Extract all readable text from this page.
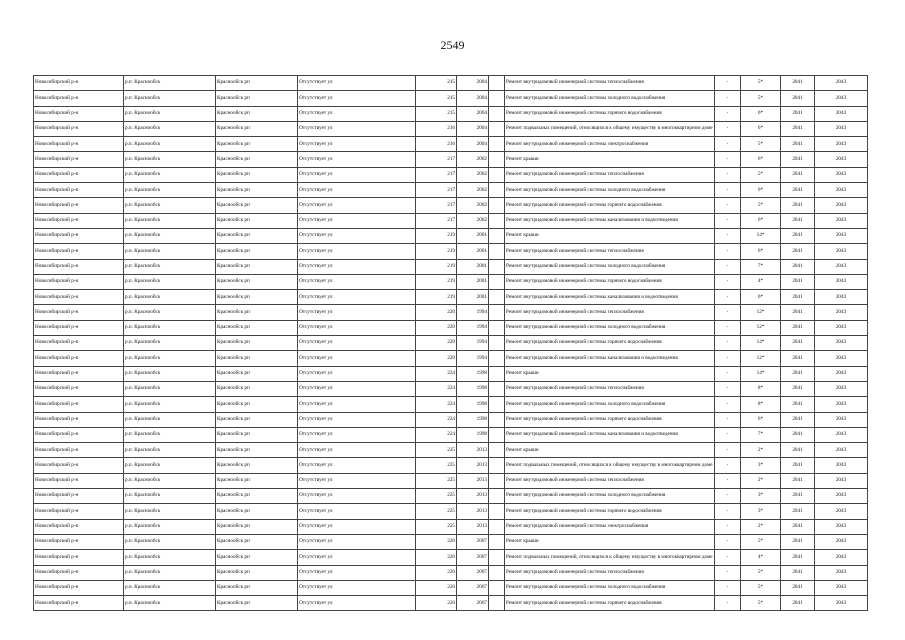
2549
Новосибирский р-н	р.п. Краснообск	Краснообск рп	Отсутствует ул	215	2004		Ремонт внутридомовой инженерной системы теплоснабжения	-	5*	2041	2043
Новосибирский р-н	р.п. Краснообск	Краснообск рп	Отсутствует ул	215	2004		Ремонт внутридомовой инженерной системы холодного водоснабжения	-	5*	2041	2043
Новосибирский р-н	р.п. Краснообск	Краснообск рп	Отсутствует ул	215	2004		Ремонт внутридомовой инженерной системы горячего водоснабжения	-	6*	2041	2043
Новосибирский р-н	р.п. Краснообск	Краснообск рп	Отсутствует ул	216	2004		Ремонт подвальных помещений, относящихся к общему имуществу в многоквартирном доме	-	6*	2041	2043
Новосибирский р-н	р.п. Краснообск	Краснообск рп	Отсутствует ул	216	2004		Ремонт внутридомовой инженерной системы электроснабжения	-	5*	2041	2043
Новосибирский р-н	р.п. Краснообск	Краснообск рп	Отсутствует ул	217	2002		Ремонт крыши	-	6*	2041	2043
Новосибирский р-н	р.п. Краснообск	Краснообск рп	Отсутствует ул	217	2002		Ремонт внутридомовой инженерной системы теплоснабжения	-	5*	2041	2043
Новосибирский р-н	р.п. Краснообск	Краснообск рп	Отсутствует ул	217	2002		Ремонт внутридомовой инженерной системы холодного водоснабжения	-	6*	2041	2043
Новосибирский р-н	р.п. Краснообск	Краснообск рп	Отсутствует ул	217	2002		Ремонт внутридомовой инженерной системы горячего водоснабжения	-	5*	2041	2043
Новосибирский р-н	р.п. Краснообск	Краснообск рп	Отсутствует ул	217	2002		Ремонт внутридомовой инженерной системы канализования и водоотведения	-	6*	2041	2043
Новосибирский р-н	р.п. Краснообск	Краснообск рп	Отсутствует ул	219	2001		Ремонт крыши	-	14*	2041	2043
Новосибирский р-н	р.п. Краснообск	Краснообск рп	Отсутствует ул	219	2001		Ремонт внутридомовой инженерной системы теплоснабжения	-	6*	2041	2043
Новосибирский р-н	р.п. Краснообск	Краснообск рп	Отсутствует ул	219	2001		Ремонт внутридомовой инженерной системы холодного водоснабжения	-	7*	2041	2043
Новосибирский р-н	р.п. Краснообск	Краснообск рп	Отсутствует ул	219	2001		Ремонт внутридомовой инженерной системы горячего водоснабжения	-	4*	2041	2043
Новосибирский р-н	р.п. Краснообск	Краснообск рп	Отсутствует ул	219	2001		Ремонт внутридомовой инженерной системы канализования и водоотведения	-	6*	2041	2043
Новосибирский р-н	р.п. Краснообск	Краснообск рп	Отсутствует ул	220	1994		Ремонт внутридомовой инженерной системы теплоснабжения	-	12*	2041	2043
Новосибирский р-н	р.п. Краснообск	Краснообск рп	Отсутствует ул	220	1994		Ремонт внутридомовой инженерной системы холодного водоснабжения	-	12*	2041	2043
Новосибирский р-н	р.п. Краснообск	Краснообск рп	Отсутствует ул	220	1994		Ремонт внутридомовой инженерной системы горячего водоснабжения	-	14*	2041	2043
Новосибирский р-н	р.п. Краснообск	Краснообск рп	Отсутствует ул	220	1994		Ремонт внутридомовой инженерной системы канализования и водоотведения	-	12*	2041	2043
Новосибирский р-н	р.п. Краснообск	Краснообск рп	Отсутствует ул	224	1998		Ремонт крыши	-	14*	2041	2043
Новосибирский р-н	р.п. Краснообск	Краснообск рп	Отсутствует ул	224	1998		Ремонт внутридомовой инженерной системы теплоснабжения	-	8*	2041	2043
Новосибирский р-н	р.п. Краснообск	Краснообск рп	Отсутствует ул	224	1998		Ремонт внутридомовой инженерной системы холодного водоснабжения	-	8*	2041	2043
Новосибирский р-н	р.п. Краснообск	Краснообск рп	Отсутствует ул	224	1998		Ремонт внутридомовой инженерной системы горячего водоснабжения	-	6*	2041	2043
Новосибирский р-н	р.п. Краснообск	Краснообск рп	Отсутствует ул	224	1998		Ремонт внутридомовой инженерной системы канализования и водоотведения	-	7*	2041	2043
Новосибирский р-н	р.п. Краснообск	Краснообск рп	Отсутствует ул	225	2013		Ремонт крыши	-	2*	2041	2043
Новосибирский р-н	р.п. Краснообск	Краснообск рп	Отсутствует ул	225	2013		Ремонт подвальных помещений, относящихся к общему имуществу в многоквартирном доме	-	3*	2041	2043
Новосибирский р-н	р.п. Краснообск	Краснообск рп	Отсутствует ул	225	2013		Ремонт внутридомовой инженерной системы теплоснабжения	-	2*	2041	2043
Новосибирский р-н	р.п. Краснообск	Краснообск рп	Отсутствует ул	225	2013		Ремонт внутридомовой инженерной системы холодного водоснабжения	-	3*	2041	2043
Новосибирский р-н	р.п. Краснообск	Краснообск рп	Отсутствует ул	225	2013		Ремонт внутридомовой инженерной системы горячего водоснабжения	-	3*	2041	2043
Новосибирский р-н	р.п. Краснообск	Краснообск рп	Отсутствует ул	225	2013		Ремонт внутридомовой инженерной системы электроснабжения	-	2*	2041	2043
Новосибирский р-н	р.п. Краснообск	Краснообск рп	Отсутствует ул	226	2007		Ремонт крыши	-	5*	2041	2043
Новосибирский р-н	р.п. Краснообск	Краснообск рп	Отсутствует ул	226	2007		Ремонт подвальных помещений, относящихся к общему имуществу в многоквартирном доме	-	4*	2041	2043
Новосибирский р-н	р.п. Краснообск	Краснообск рп	Отсутствует ул	226	2007		Ремонт внутридомовой инженерной системы теплоснабжения	-	5*	2041	2043
Новосибирский р-н	р.п. Краснообск	Краснообск рп	Отсутствует ул	226	2007		Ремонт внутридомовой инженерной системы холодного водоснабжения	-	5*	2041	2043
Новосибирский р-н	р.п. Краснообск	Краснообск рп	Отсутствует ул	226	2007		Ремонт внутридомовой инженерной системы горячего водоснабжения	-	5*	2041	2043
